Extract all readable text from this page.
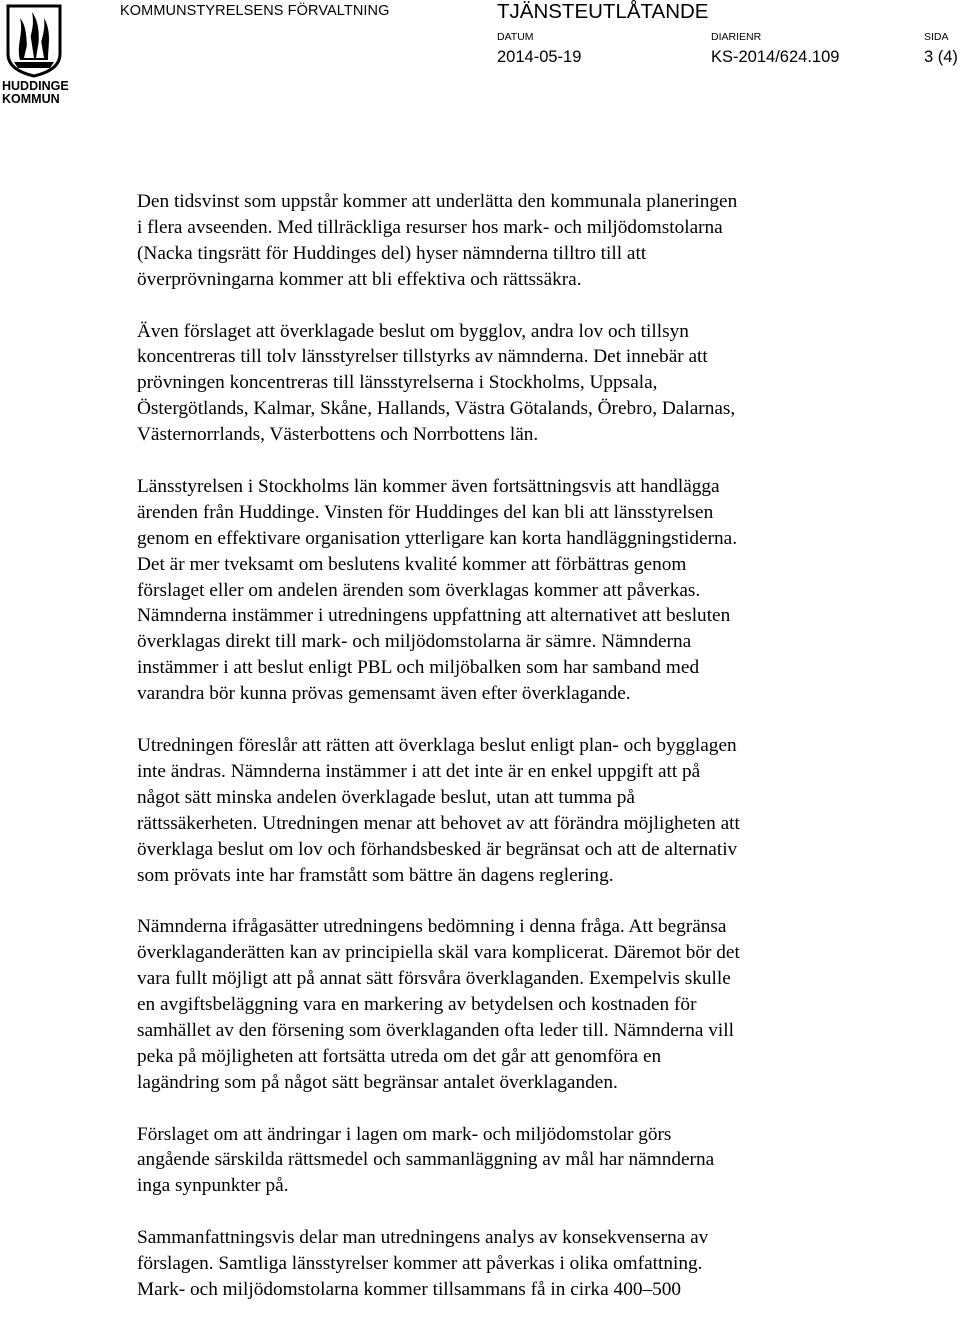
HUDDINGE
KOMMUN
KOMMUNSTYRELSENS FÖRVALTNING	TJÄNSTEUTLÅTANDE
DATUM
2014-05-19
DIARIENR
KS-2014/624.109
SIDA
3 (4)

Den tidsvinst som uppstår kommer att underlätta den kommunala planeringen
i flera avseenden. Med tillräckliga resurser hos mark- och miljödomstolarna
(Nacka tingsrätt för Huddinges del) hyser nämnderna tilltro till att
överprövningarna kommer att bli effektiva och rättssäkra.

Även förslaget att överklagade beslut om bygglov, andra lov och tillsyn
koncentreras till tolv länsstyrelser tillstyrks av nämnderna. Det innebär att
prövningen koncentreras till länsstyrelserna i Stockholms, Uppsala,
Östergötlands, Kalmar, Skåne, Hallands, Västra Götalands, Örebro, Dalarnas,
Västernorrlands, Västerbottens och Norrbottens län.

Länsstyrelsen i Stockholms län kommer även fortsättningsvis att handlägga
ärenden från Huddinge. Vinsten för Huddinges del kan bli att länsstyrelsen
genom en effektivare organisation ytterligare kan korta handläggningstiderna.
Det är mer tveksamt om beslutens kvalité kommer att förbättras genom
förslaget eller om andelen ärenden som överklagas kommer att påverkas.
Nämnderna instämmer i utredningens uppfattning att alternativet att besluten
överklagas direkt till mark- och miljödomstolarna är sämre. Nämnderna
instämmer i att beslut enligt PBL och miljöbalken som har samband med
varandra bör kunna prövas gemensamt även efter överklagande.

Utredningen föreslår att rätten att överklaga beslut enligt plan- och bygglagen
inte ändras. Nämnderna instämmer i att det inte är en enkel uppgift att på
något sätt minska andelen överklagade beslut, utan att tumma på
rättssäkerheten. Utredningen menar att behovet av att förändra möjligheten att
överklaga beslut om lov och förhandsbesked är begränsat och att de alternativ
som prövats inte har framstått som bättre än dagens reglering.

Nämnderna ifrågasätter utredningens bedömning i denna fråga. Att begränsa
överklaganderätten kan av principiella skäl vara komplicerat. Däremot bör det
vara fullt möjligt att på annat sätt försvåra överklaganden. Exempelvis skulle
en avgiftsbeläggning vara en markering av betydelsen och kostnaden för
samhället av den försening som överklaganden ofta leder till. Nämnderna vill
peka på möjligheten att fortsätta utreda om det går att genomföra en
lagändring som på något sätt begränsar antalet överklaganden.

Förslaget om att ändringar i lagen om mark- och miljödomstolar görs
angående särskilda rättsmedel och sammanläggning av mål har nämnderna
inga synpunkter på.

Sammanfattningsvis delar man utredningens analys av konsekvenserna av
förslagen. Samtliga länsstyrelser kommer att påverkas i olika omfattning.
Mark- och miljödomstolarna kommer tillsammans få in cirka 400–500
